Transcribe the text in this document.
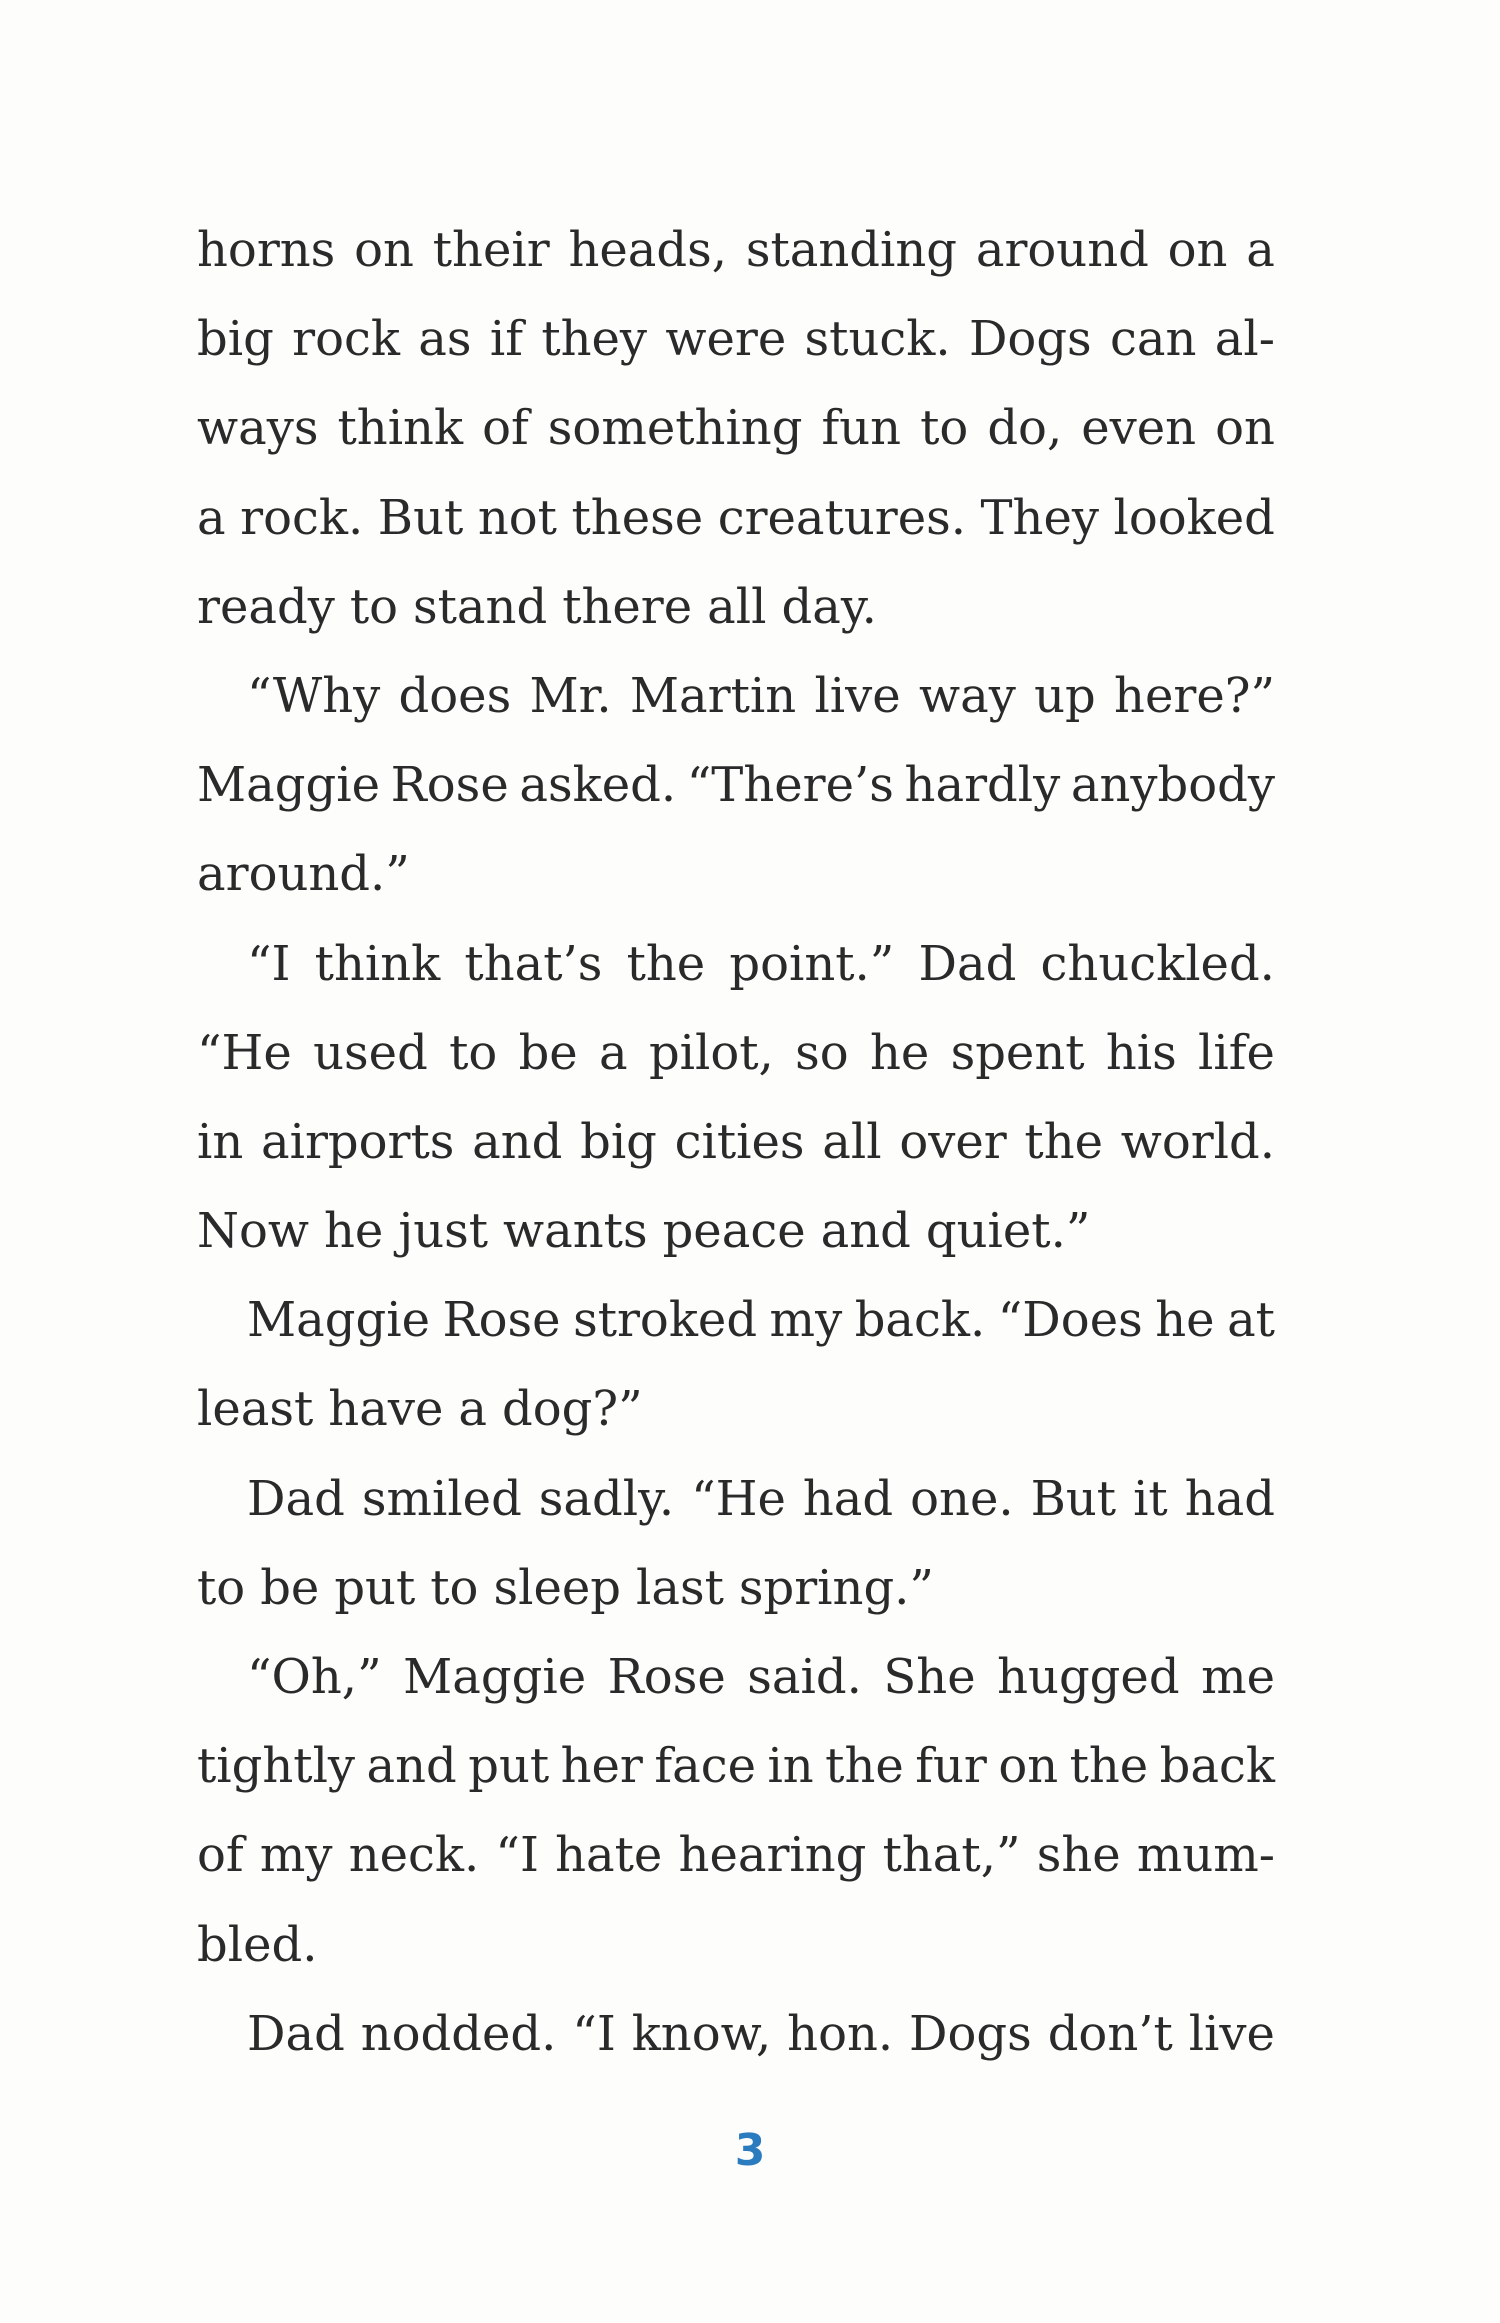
horns on their heads, standing around on a
big rock as if they were stuck. Dogs can al-
ways think of something fun to do, even on
a rock. But not these creatures. They looked
ready to stand there all day.
“Why does Mr. Martin live way up here?”
Maggie Rose asked. “There’s hardly anybody
around.”
“I think that’s the point.” Dad chuckled.
“He used to be a pilot, so he spent his life
in airports and big cities all over the world.
Now he just wants peace and quiet.”
Maggie Rose stroked my back. “Does he at
least have a dog?”
Dad smiled sadly. “He had one. But it had
to be put to sleep last spring.”
“Oh,” Maggie Rose said. She hugged me
tightly and put her face in the fur on the back
of my neck. “I hate hearing that,” she mum-
bled.
Dad nodded. “I know, hon. Dogs don’t live
3
